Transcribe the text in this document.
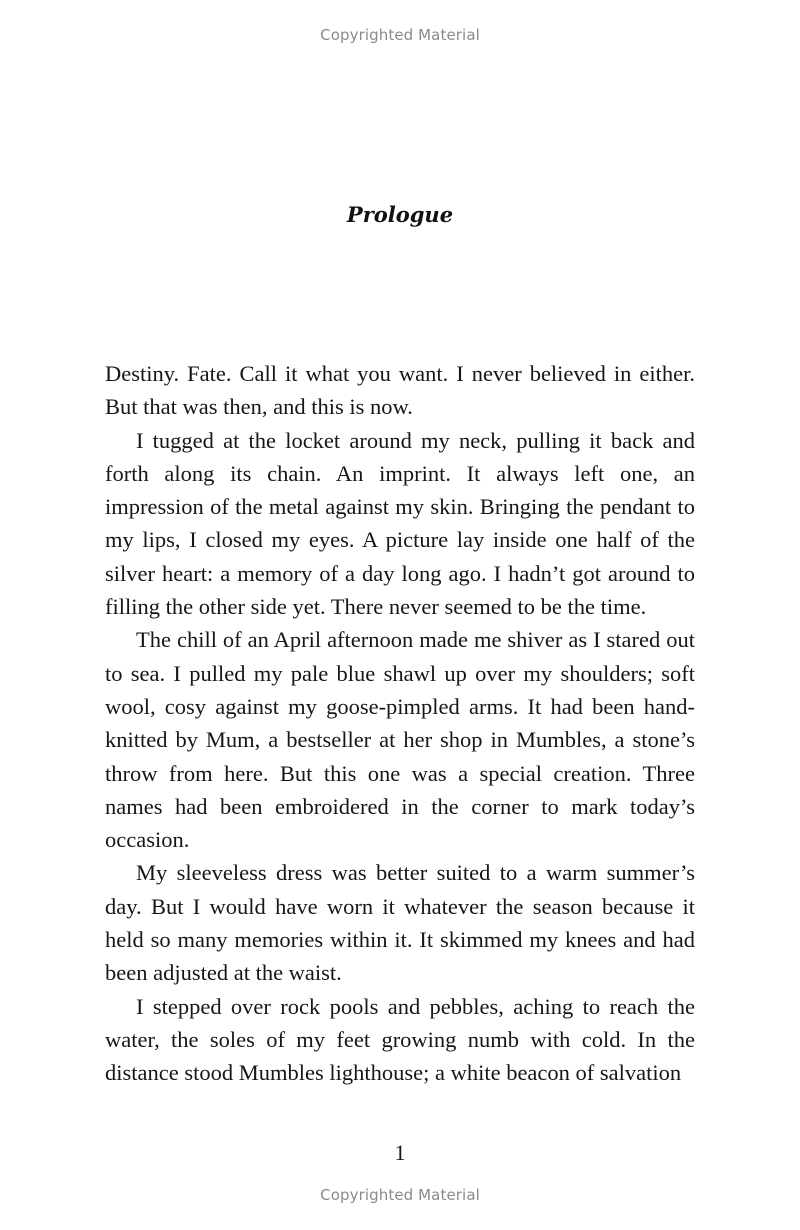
Copyrighted Material
Prologue

Destiny. Fate. Call it what you want. I never believed in either. But that was then, and this is now.

I tugged at the locket around my neck, pulling it back and forth along its chain. An imprint. It always left one, an impression of the metal against my skin. Bringing the pendant to my lips, I closed my eyes. A picture lay inside one half of the silver heart: a memory of a day long ago. I hadn’t got around to filling the other side yet. There never seemed to be the time.

The chill of an April afternoon made me shiver as I stared out to sea. I pulled my pale blue shawl up over my shoulders; soft wool, cosy against my goose-pimpled arms. It had been hand-knitted by Mum, a bestseller at her shop in Mumbles, a stone’s throw from here. But this one was a special creation. Three names had been embroidered in the corner to mark today’s occasion.

My sleeveless dress was better suited to a warm summer’s day. But I would have worn it whatever the season because it held so many memories within it. It skimmed my knees and had been adjusted at the waist.

I stepped over rock pools and pebbles, aching to reach the water, the soles of my feet growing numb with cold. In the distance stood Mumbles lighthouse; a white beacon of salvation

1
Copyrighted Material
